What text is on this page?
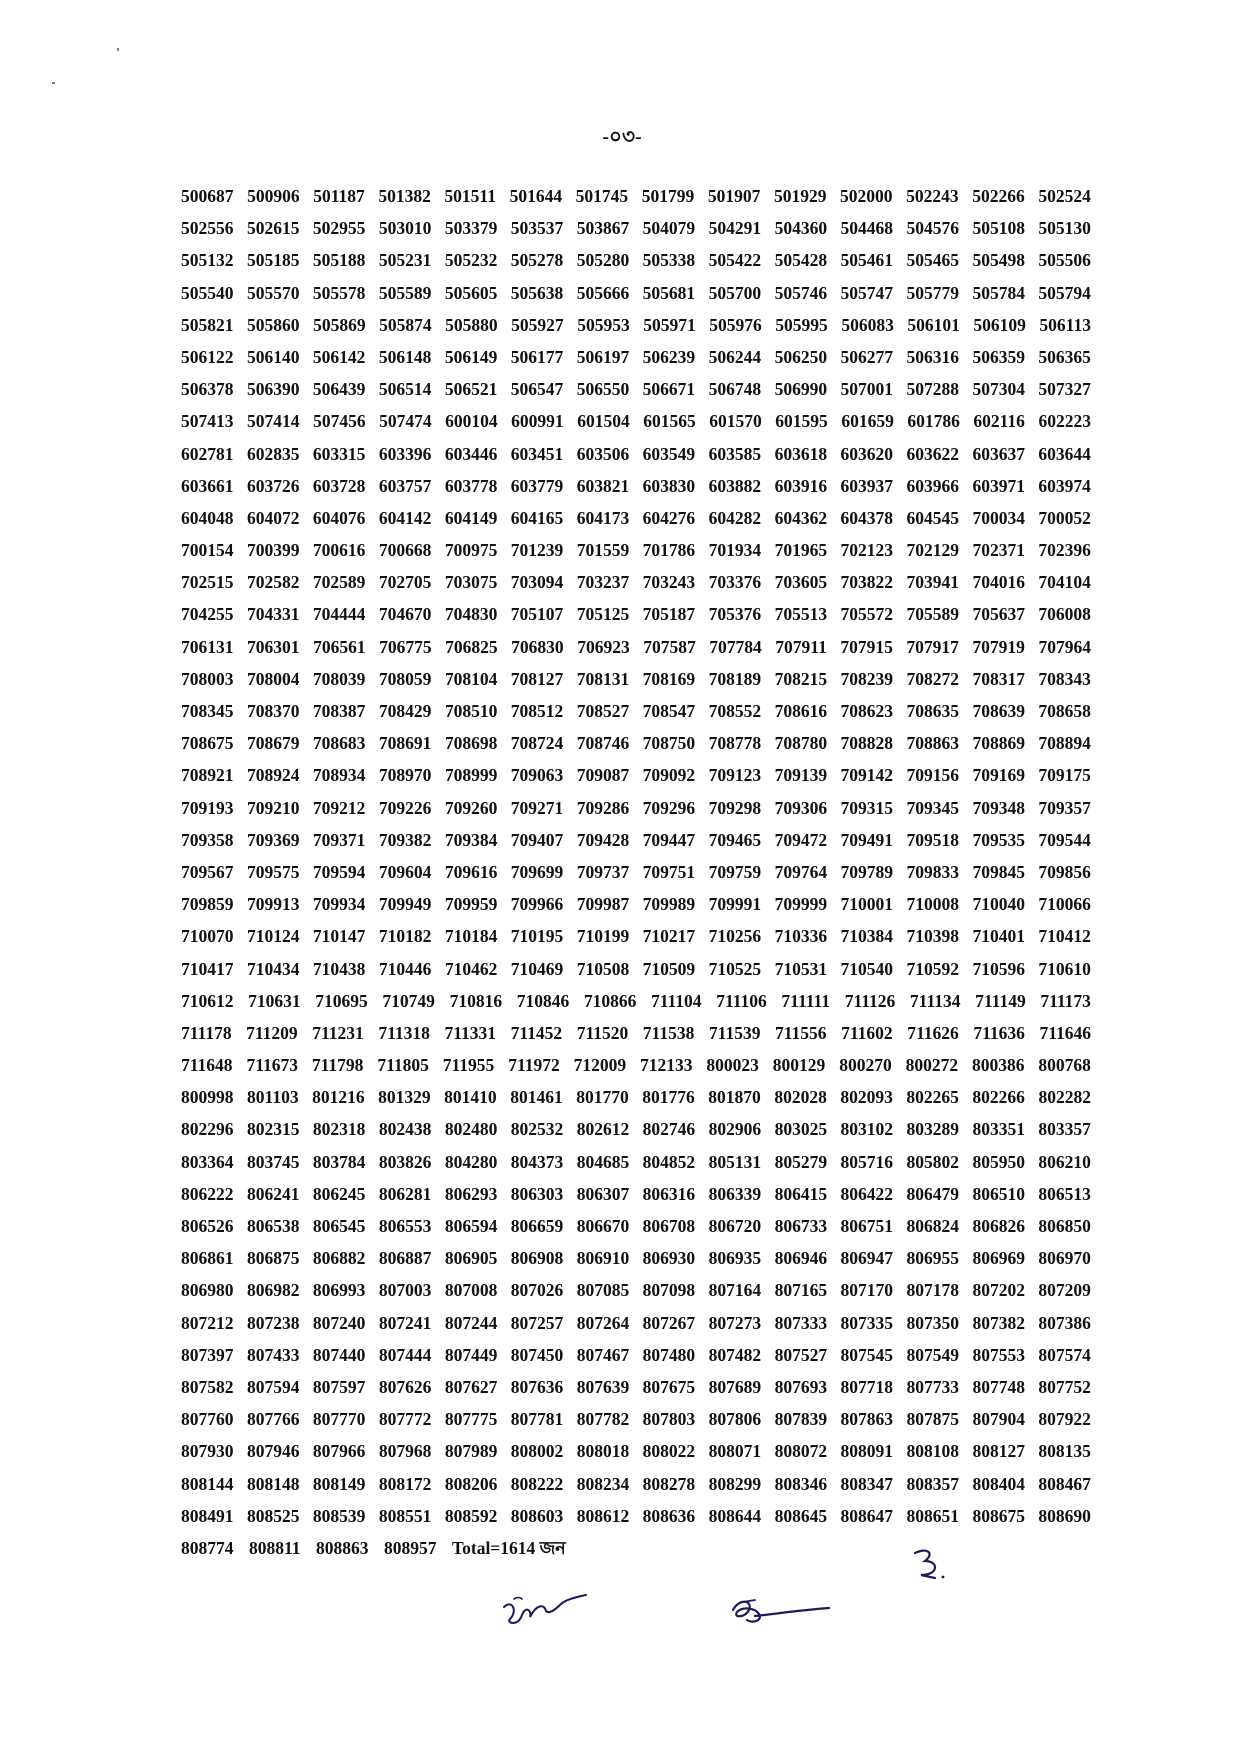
-০৩-
500687 500906 501187 501382 501511 501644 501745 501799 501907 501929 502000 502243 502266 502524
502556 502615 502955 503010 503379 503537 503867 504079 504291 504360 504468 504576 505108 505130
505132 505185 505188 505231 505232 505278 505280 505338 505422 505428 505461 505465 505498 505506
505540 505570 505578 505589 505605 505638 505666 505681 505700 505746 505747 505779 505784 505794
505821 505860 505869 505874 505880 505927 505953 505971 505976 505995 506083 506101 506109 506113
506122 506140 506142 506148 506149 506177 506197 506239 506244 506250 506277 506316 506359 506365
506378 506390 506439 506514 506521 506547 506550 506671 506748 506990 507001 507288 507304 507327
507413 507414 507456 507474 600104 600991 601504 601565 601570 601595 601659 601786 602116 602223
602781 602835 603315 603396 603446 603451 603506 603549 603585 603618 603620 603622 603637 603644
603661 603726 603728 603757 603778 603779 603821 603830 603882 603916 603937 603966 603971 603974
604048 604072 604076 604142 604149 604165 604173 604276 604282 604362 604378 604545 700034 700052
700154 700399 700616 700668 700975 701239 701559 701786 701934 701965 702123 702129 702371 702396
702515 702582 702589 702705 703075 703094 703237 703243 703376 703605 703822 703941 704016 704104
704255 704331 704444 704670 704830 705107 705125 705187 705376 705513 705572 705589 705637 706008
706131 706301 706561 706775 706825 706830 706923 707587 707784 707911 707915 707917 707919 707964
708003 708004 708039 708059 708104 708127 708131 708169 708189 708215 708239 708272 708317 708343
708345 708370 708387 708429 708510 708512 708527 708547 708552 708616 708623 708635 708639 708658
708675 708679 708683 708691 708698 708724 708746 708750 708778 708780 708828 708863 708869 708894
708921 708924 708934 708970 708999 709063 709087 709092 709123 709139 709142 709156 709169 709175
709193 709210 709212 709226 709260 709271 709286 709296 709298 709306 709315 709345 709348 709357
709358 709369 709371 709382 709384 709407 709428 709447 709465 709472 709491 709518 709535 709544
709567 709575 709594 709604 709616 709699 709737 709751 709759 709764 709789 709833 709845 709856
709859 709913 709934 709949 709959 709966 709987 709989 709991 709999 710001 710008 710040 710066
710070 710124 710147 710182 710184 710195 710199 710217 710256 710336 710384 710398 710401 710412
710417 710434 710438 710446 710462 710469 710508 710509 710525 710531 710540 710592 710596 710610
710612 710631 710695 710749 710816 710846 710866 711104 711106 711111 711126 711134 711149 711173
711178 711209 711231 711318 711331 711452 711520 711538 711539 711556 711602 711626 711636 711646
711648 711673 711798 711805 711955 711972 712009 712133 800023 800129 800270 800272 800386 800768
800998 801103 801216 801329 801410 801461 801770 801776 801870 802028 802093 802265 802266 802282
802296 802315 802318 802438 802480 802532 802612 802746 802906 803025 803102 803289 803351 803357
803364 803745 803784 803826 804280 804373 804685 804852 805131 805279 805716 805802 805950 806210
806222 806241 806245 806281 806293 806303 806307 806316 806339 806415 806422 806479 806510 806513
806526 806538 806545 806553 806594 806659 806670 806708 806720 806733 806751 806824 806826 806850
806861 806875 806882 806887 806905 806908 806910 806930 806935 806946 806947 806955 806969 806970
806980 806982 806993 807003 807008 807026 807085 807098 807164 807165 807170 807178 807202 807209
807212 807238 807240 807241 807244 807257 807264 807267 807273 807333 807335 807350 807382 807386
807397 807433 807440 807444 807449 807450 807467 807480 807482 807527 807545 807549 807553 807574
807582 807594 807597 807626 807627 807636 807639 807675 807689 807693 807718 807733 807748 807752
807760 807766 807770 807772 807775 807781 807782 807803 807806 807839 807863 807875 807904 807922
807930 807946 807966 807968 807989 808002 808018 808022 808071 808072 808091 808108 808127 808135
808144 808148 808149 808172 808206 808222 808234 808278 808299 808346 808347 808357 808404 808467
808491 808525 808539 808551 808592 808603 808612 808636 808644 808645 808647 808651 808675 808690
808774 808811 808863 808957 Total=1614 জন
